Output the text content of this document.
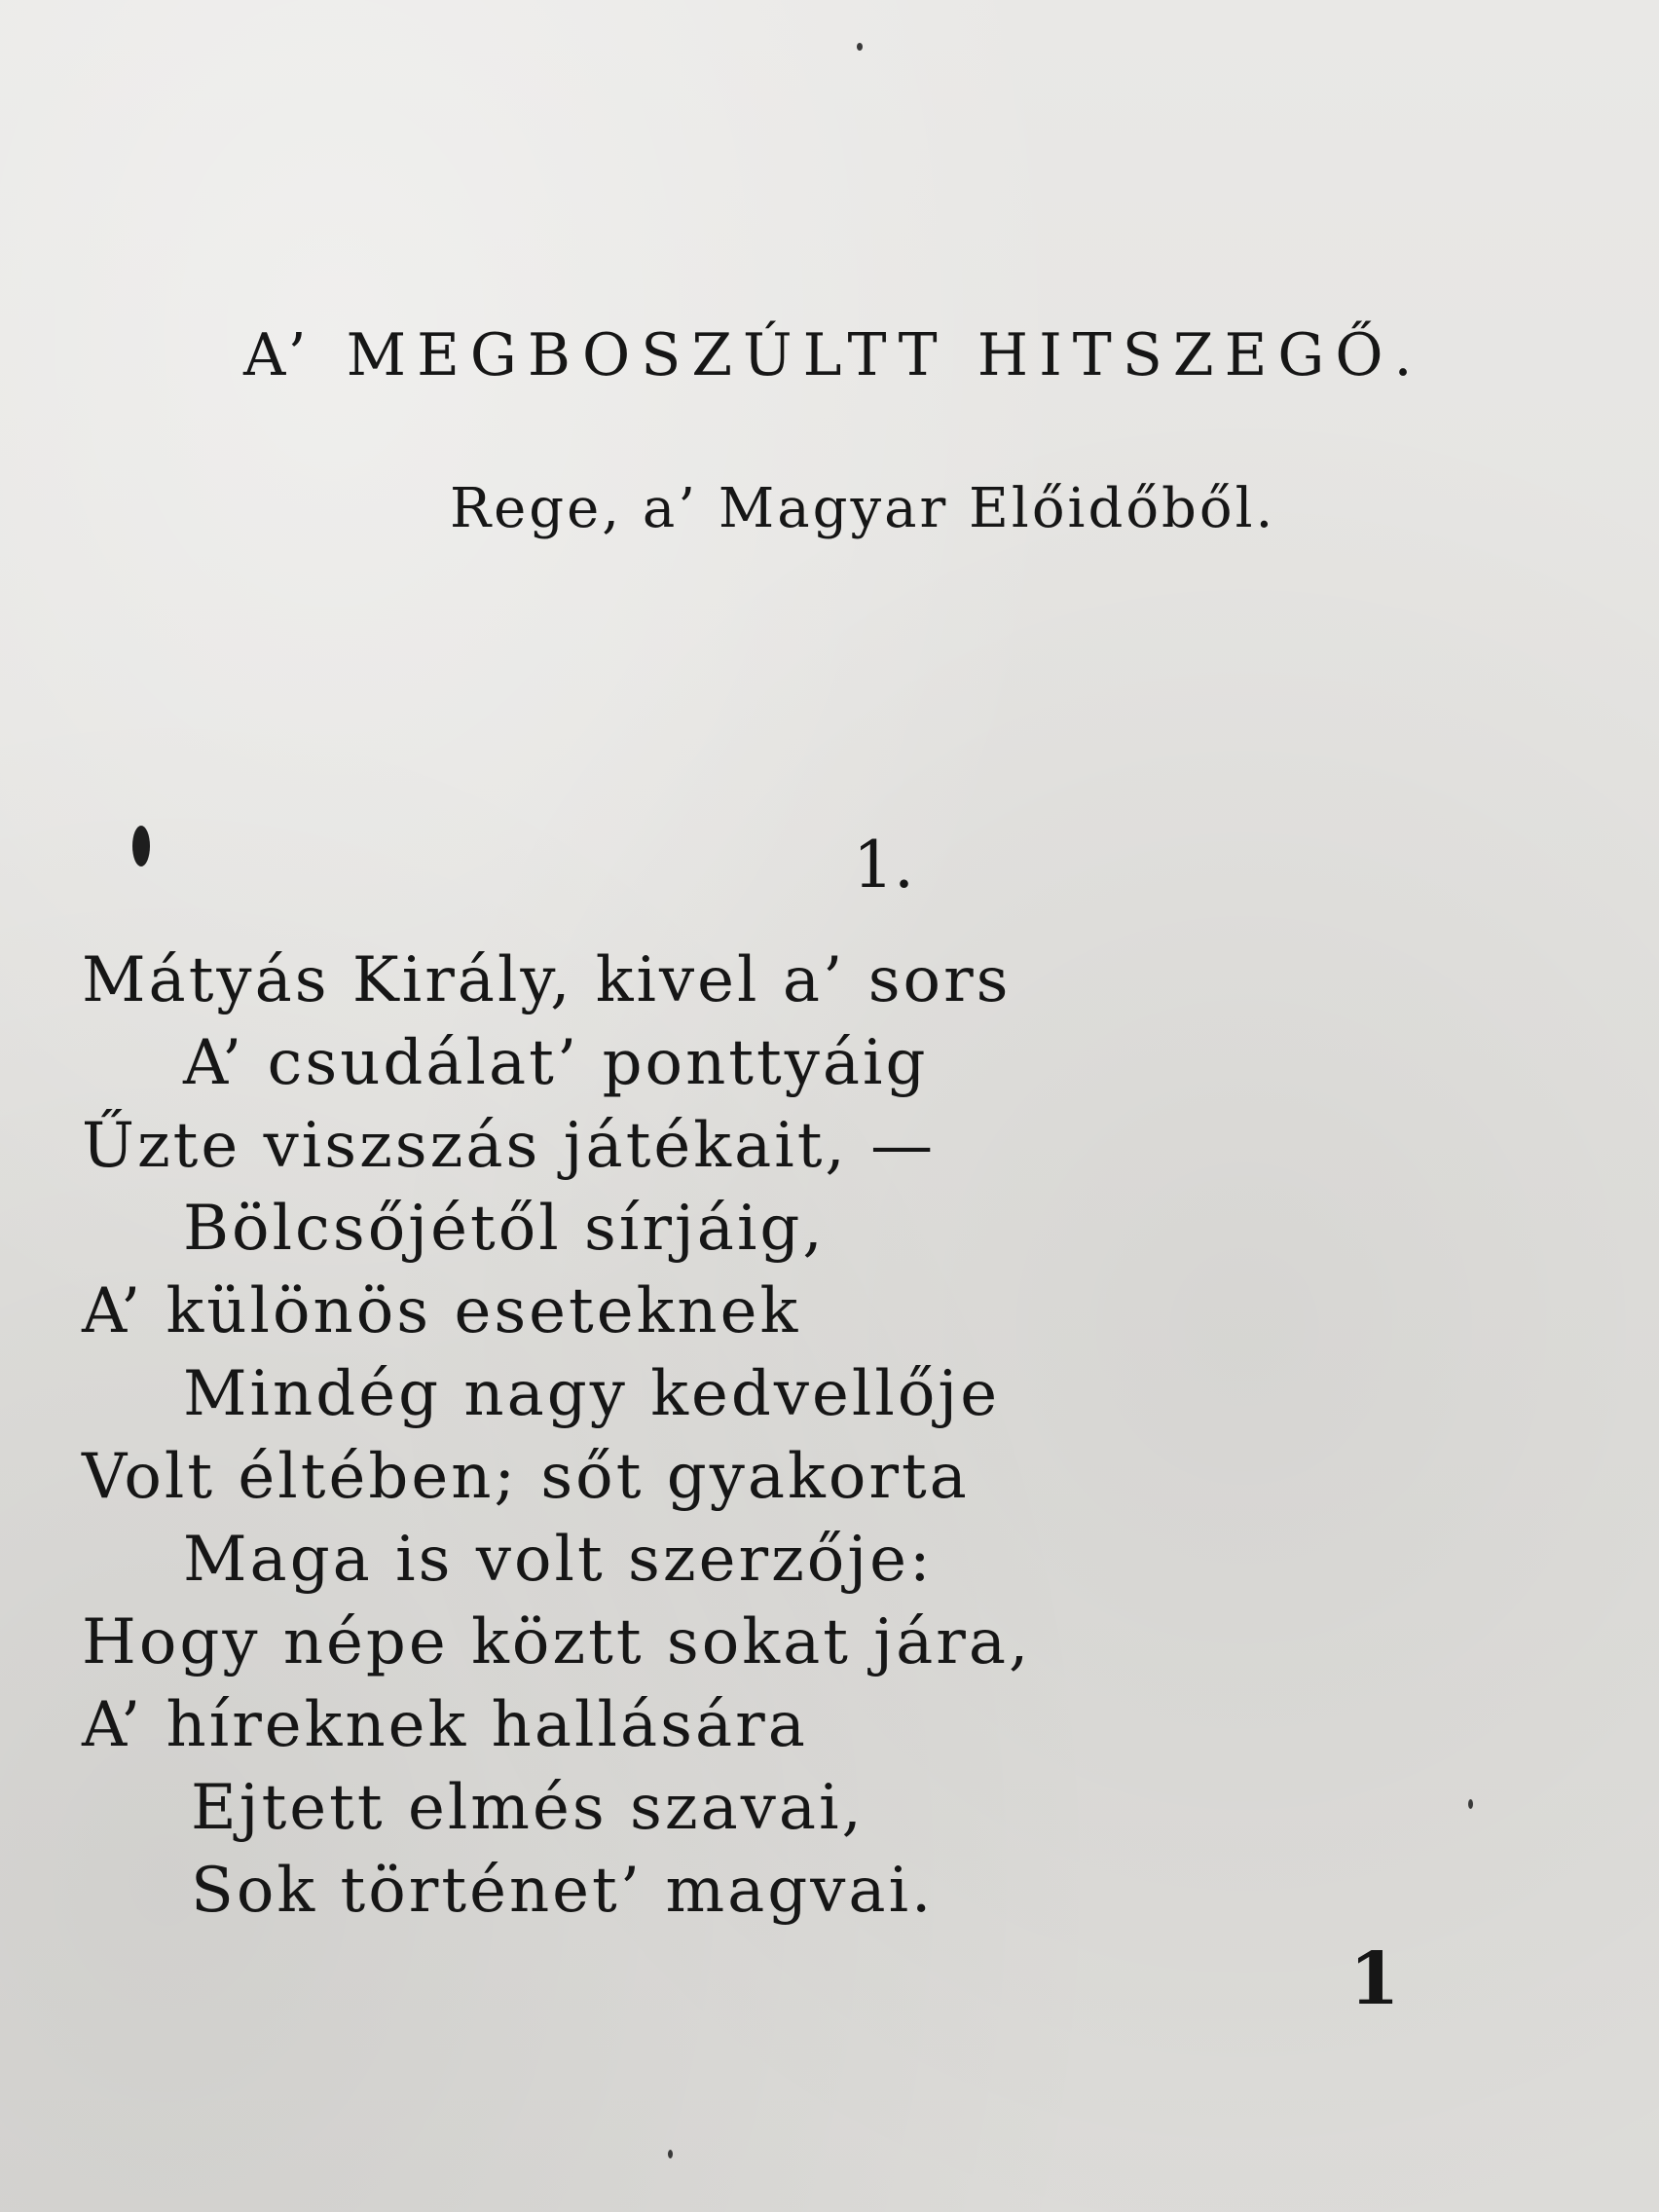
A’ MEGBOSZÚLTT HITSZEGŐ.
Rege, a’ Magyar Előidőből.
1.
Mátyás Király, kivel a’ sors
A’ csudálat’ ponttyáig
Űzte viszszás játékait, —
Bölcsőjétől sírjáig,
A’ különös eseteknek
Mindég nagy kedvellője
Volt éltében; sőt gyakorta
Maga is volt szerzője:
Hogy népe köztt sokat jára,
A’ híreknek hallására
Ejtett elmés szavai,
Sok történet’ magvai.
1
